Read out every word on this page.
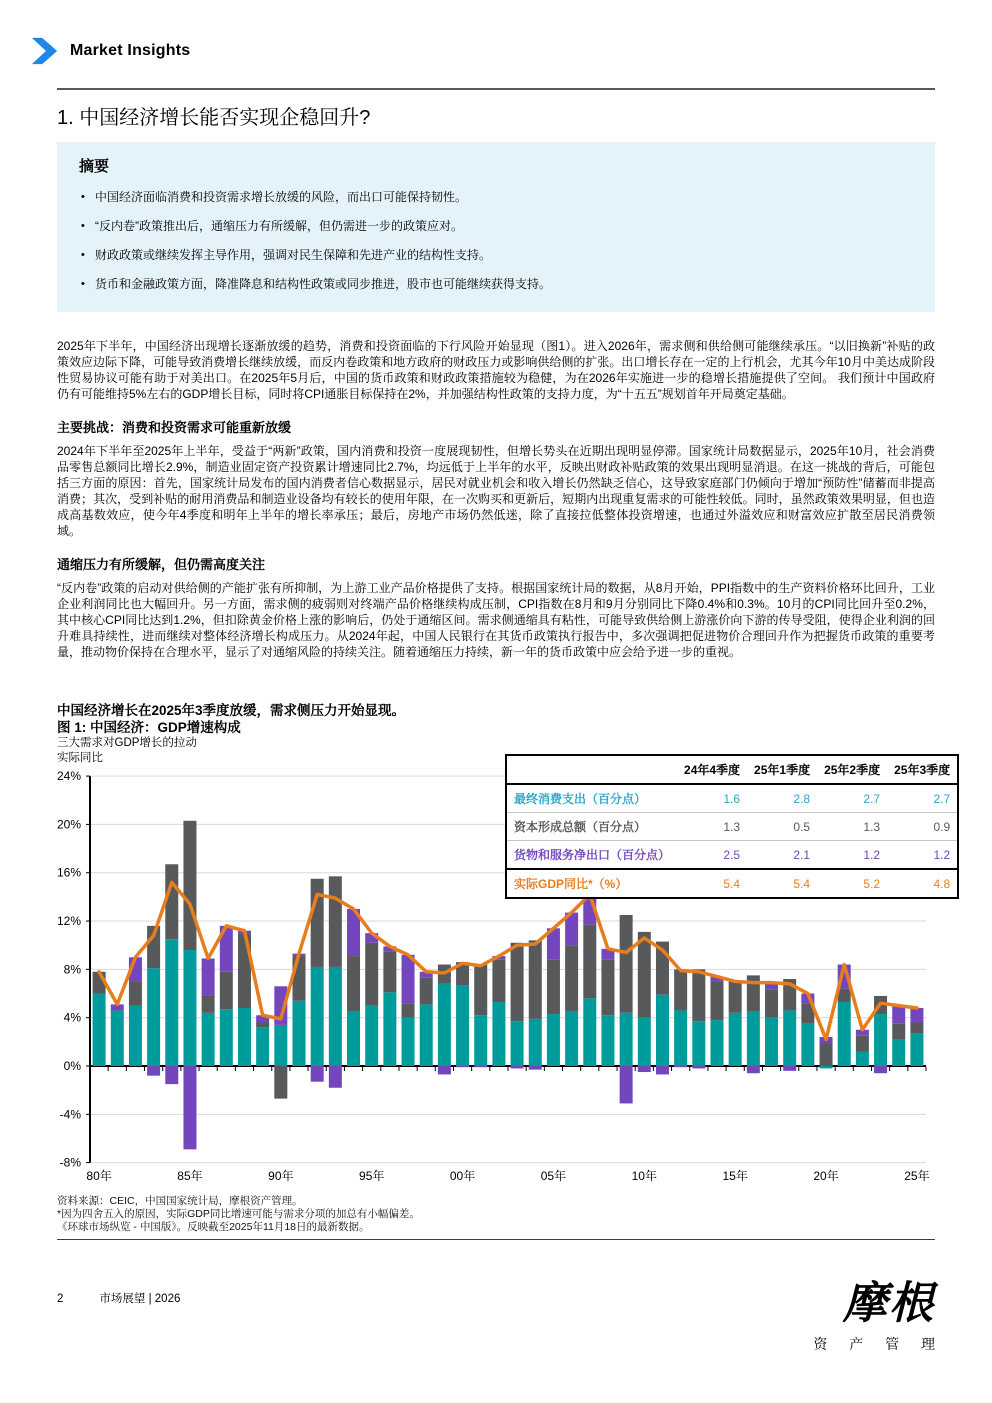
Market Insights
1. 中国经济增长能否实现企稳回升?
摘要
• 中国经济面临消费和投资需求增长放缓的风险，而出口可能保持韧性。
• “反内卷”政策推出后，通缩压力有所缓解，但仍需进一步的政策应对。
• 财政政策或继续发挥主导作用，强调对民生保障和先进产业的结构性支持。
• 货币和金融政策方面，降准降息和结构性政策或同步推进，股市也可能继续获得支持。

2025年下半年，中国经济出现增长逐渐放缓的趋势，消费和投资面临的下行风险开始显现（图1）。进入2026年，需求侧和供给侧可能继续承压。“以旧换新”补贴的政策效应边际下降，可能导致消费增长继续放缓，而反内卷政策和地方政府的财政压力或影响供给侧的扩张。出口增长存在一定的上行机会，尤其今年10月中美达成阶段性贸易协议可能有助于对美出口。在2025年5月后，中国的货币政策和财政政策措施较为稳健，为在2026年实施进一步的稳增长措施提供了空间。 我们预计中国政府仍有可能维持5%左右的GDP增长目标，同时将CPI通胀目标保持在2%，并加强结构性政策的支持力度，为“十五五”规划首年开局奠定基础。

主要挑战：消费和投资需求可能重新放缓

2024年下半年至2025年上半年，受益于“两新”政策，国内消费和投资一度展现韧性，但增长势头在近期出现明显停滞。国家统计局数据显示，2025年10月，社会消费品零售总额同比增长2.9%，制造业固定资产投资累计增速同比2.7%，均远低于上半年的水平，反映出财政补贴政策的效果出现明显消退。在这一挑战的背后，可能包括三方面的原因：首先，国家统计局发布的国内消费者信心数据显示，居民对就业机会和收入增长仍然缺乏信心，这导致家庭部门仍倾向于增加“预防性”储蓄而非提高消费；其次，受到补贴的耐用消费品和制造业设备均有较长的使用年限，在一次购买和更新后，短期内出现重复需求的可能性较低。同时，虽然政策效果明显，但也造成高基数效应，使今年4季度和明年上半年的增长率承压；最后，房地产市场仍然低迷，除了直接拉低整体投资增速，也通过外溢效应和财富效应扩散至居民消费领域。

通缩压力有所缓解，但仍需高度关注

“反内卷”政策的启动对供给侧的产能扩张有所抑制，为上游工业产品价格提供了支持。根据国家统计局的数据，从8月开始，PPI指数中的生产资料价格环比回升，工业企业利润同比也大幅回升。另一方面，需求侧的疲弱则对终端产品价格继续构成压制，CPI指数在8月和9月分别同比下降0.4%和0.3%。10月的CPI同比回升至0.2%，其中核心CPI同比达到1.2%，但扣除黄金价格上涨的影响后，仍处于通缩区间。需求侧通缩具有粘性，可能导致供给侧上游涨价向下游的传导受阻，使得企业利润的回升难具持续性，进而继续对整体经济增长构成压力。从2024年起，中国人民银行在其货币政策执行报告中，多次强调把促进物价合理回升作为把握货币政策的重要考量，推动物价保持在合理水平，显示了对通缩风险的持续关注。随着通缩压力持续，新一年的货币政策中应会给予进一步的重视。

中国经济增长在2025年3季度放缓，需求侧压力开始显现。
图 1: 中国经济：GDP增速构成
三大需求对GDP增长的拉动
实际同比
-8%
-4%
0%
4%
8%
12%
16%
20%
24%
80年	85年	90年	95年	00年	05年	10年	15年	20年	25年
	24年4季度	25年1季度	25年2季度	25年3季度
最终消费支出（百分点）	1.6	2.8	2.7	2.7
资本形成总额（百分点）	1.3	0.5	1.3	0.9
货物和服务净出口（百分点）	2.5	2.1	1.2	1.2
实际GDP同比*（%）	5.4	5.4	5.2	4.8
资料来源：CEIC，中国国家统计局，摩根资产管理。
*因为四舍五入的原因，实际GDP同比增速可能与需求分项的加总有小幅偏差。
《环球市场纵览 - 中国版》。反映截至2025年11月18日的最新数据。
2	市场展望 | 2026	摩根
资 产 管 理
